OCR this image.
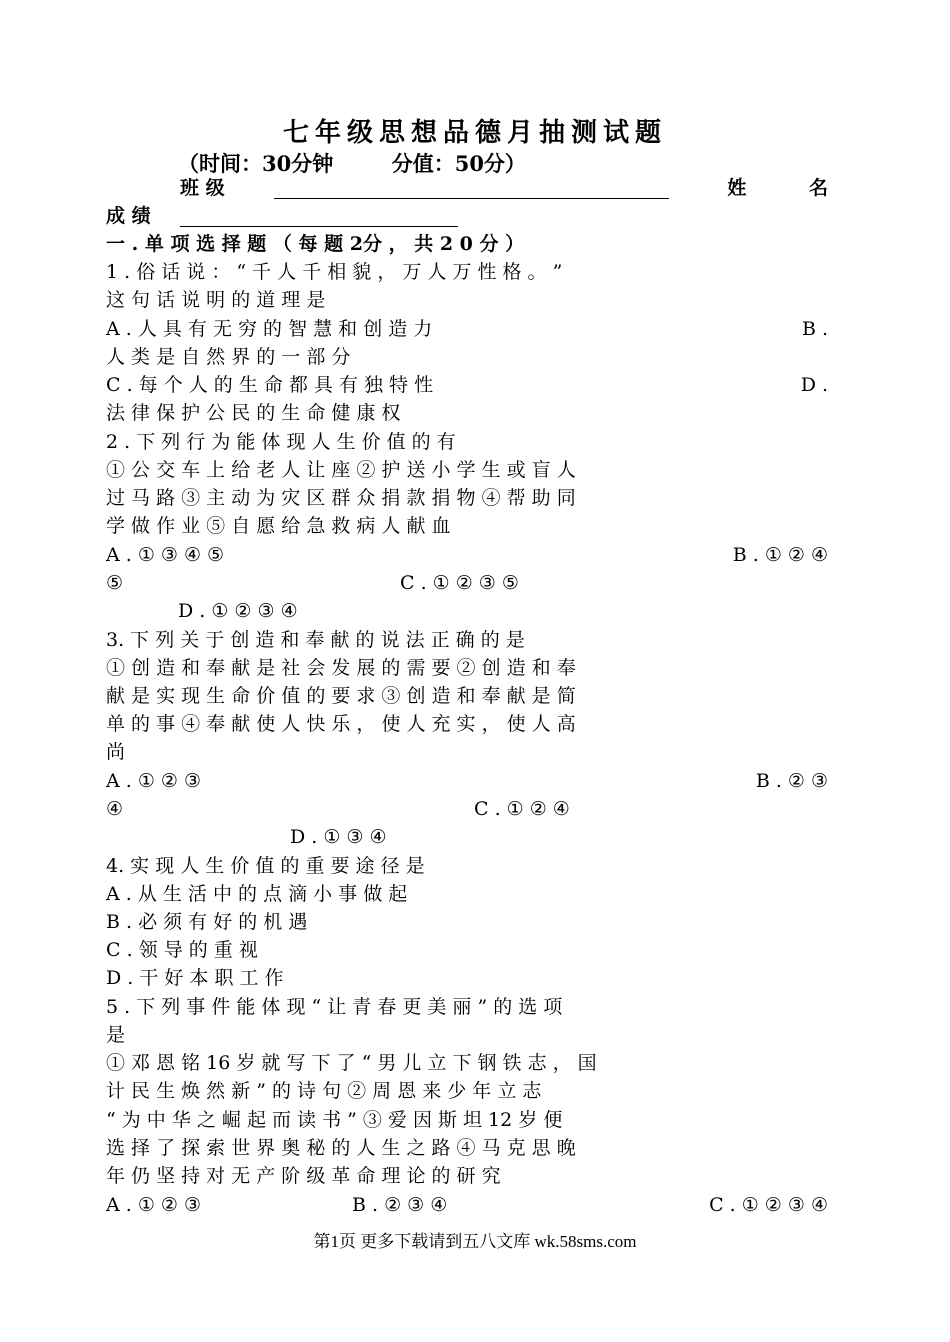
七年级思想品德月抽测试题
（时间：30分钟        分值：50分）
班 级	姓 名
成 绩
一 . 单 项 选 择 题 （ 每 题 2分 ， 共 2 0 分 ）
1 . 俗 话 说 ： “ 千 人 千 相 貌 ， 万 人 万 性 格 。 ”
这 句 话 说 明 的 道 理 是
A . 人 具 有 无 穷 的 智 慧 和 创 造 力	B .
人 类 是 自 然 界 的 一 部 分
C . 每 个 人 的 生 命 都 具 有 独 特 性	D .
法 律 保 护 公 民 的 生 命 健 康 权
2 . 下 列 行 为 能 体 现 人 生 价 值 的 有
① 公 交 车 上 给 老 人 让 座 ② 护 送 小 学 生 或 盲 人
过 马 路 ③ 主 动 为 灾 区 群 众 捐 款 捐 物 ④ 帮 助 同
学 做 作 业 ⑤ 自 愿 给 急 救 病 人 献 血
A . ① ③ ④ ⑤	B . ① ② ④
⑤	C . ① ② ③ ⑤
D . ① ② ③ ④
3. 下 列 关 于 创 造 和 奉 献 的 说 法 正 确 的 是
① 创 造 和 奉 献 是 社 会 发 展 的 需 要 ② 创 造 和 奉
献 是 实 现 生 命 价 值 的 要 求 ③ 创 造 和 奉 献 是 简
单 的 事 ④ 奉 献 使 人 快 乐 ， 使 人 充 实 ， 使 人 高
尚
A . ① ② ③	B . ② ③
④	C . ① ② ④
D . ① ③ ④
4. 实 现 人 生 价 值 的 重 要 途 径 是
A . 从 生 活 中 的 点 滴 小 事 做 起
B . 必 须 有 好 的 机 遇
C . 领 导 的 重 视
D . 干 好 本 职 工 作
5 . 下 列 事 件 能 体 现 “ 让 青 春 更 美 丽 ” 的 选 项
是
① 邓 恩 铭 16 岁 就 写 下 了 “ 男 儿 立 下 钢 铁 志 ， 国
计 民 生 焕 然 新 ” 的 诗 句 ② 周 恩 来 少 年 立 志
“ 为 中 华 之 崛 起 而 读 书 ” ③ 爱 因 斯 坦 12 岁 便
选 择 了 探 索 世 界 奥 秘 的 人 生 之 路 ④ 马 克 思 晚
年 仍 坚 持 对 无 产 阶 级 革 命 理 论 的 研 究
A . ① ② ③	B . ② ③ ④	C . ① ② ③ ④
第1页 更多下载请到五八文库 wk.58sms.com
